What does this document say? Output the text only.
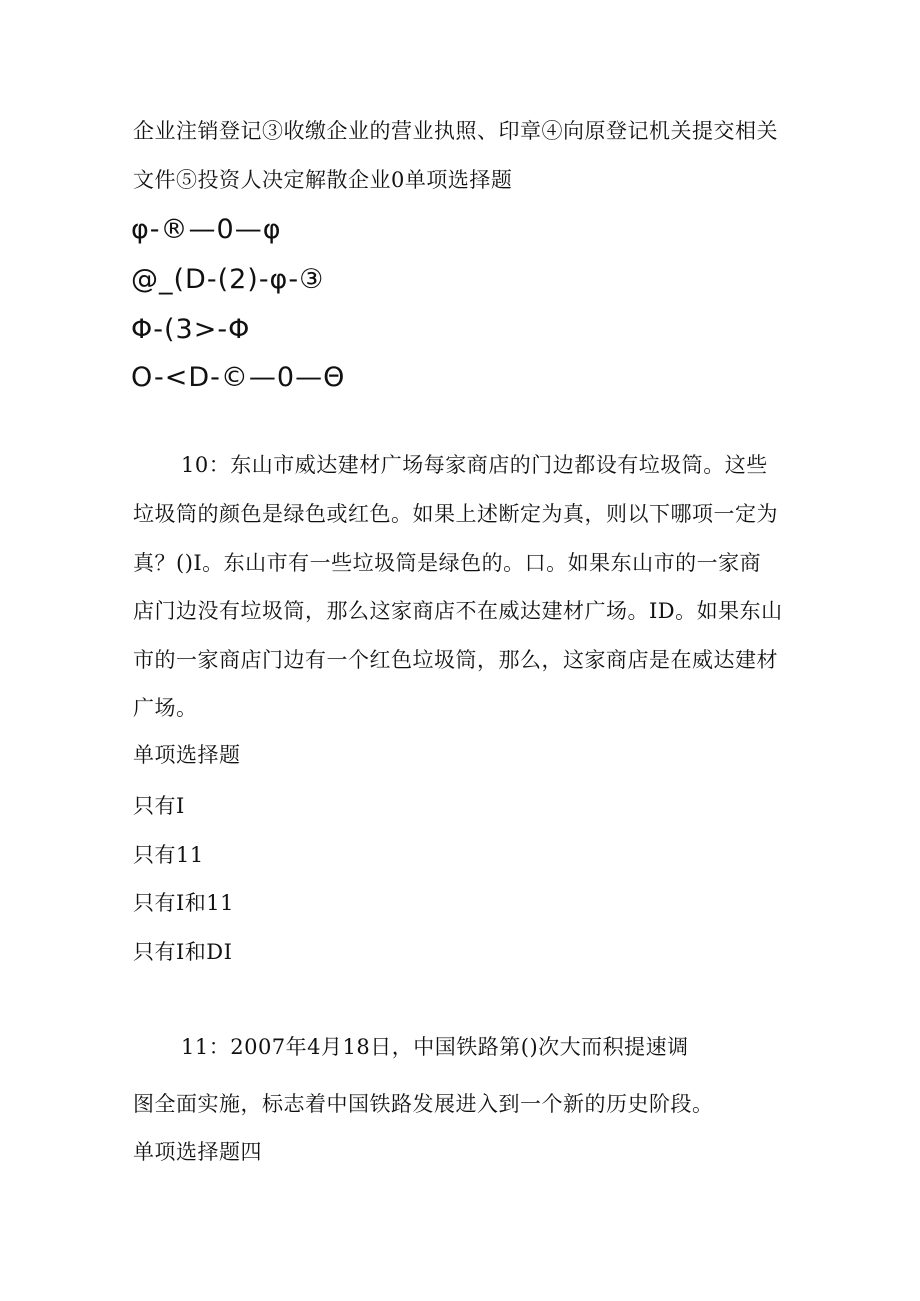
企业注销登记③收缴企业的营业执照、印章④向原登记机关提交相关
文件⑤投资人决定解散企业0单项选择题
φ-®—0—φ
@_(D-(2)-φ-③
Φ-(3>-Φ
O-<D-©—0—Θ
10：东山市威达建材广场每家商店的门边都设有垃圾筒。这些
垃圾筒的颜色是绿色或红色。如果上述断定为真，则以下哪项一定为
真？()I。东山市有一些垃圾筒是绿色的。口。如果东山市的一家商
店门边没有垃圾筒，那么这家商店不在威达建材广场。ID。如果东山
市的一家商店门边有一个红色垃圾筒，那么，这家商店是在威达建材
广场。
单项选择题
只有I
只有11
只有I和11
只有I和DI
11：2007年4月18日，中国铁路第()次大而积提速调
图全面实施，标志着中国铁路发展进入到一个新的历史阶段。
单项选择题四
